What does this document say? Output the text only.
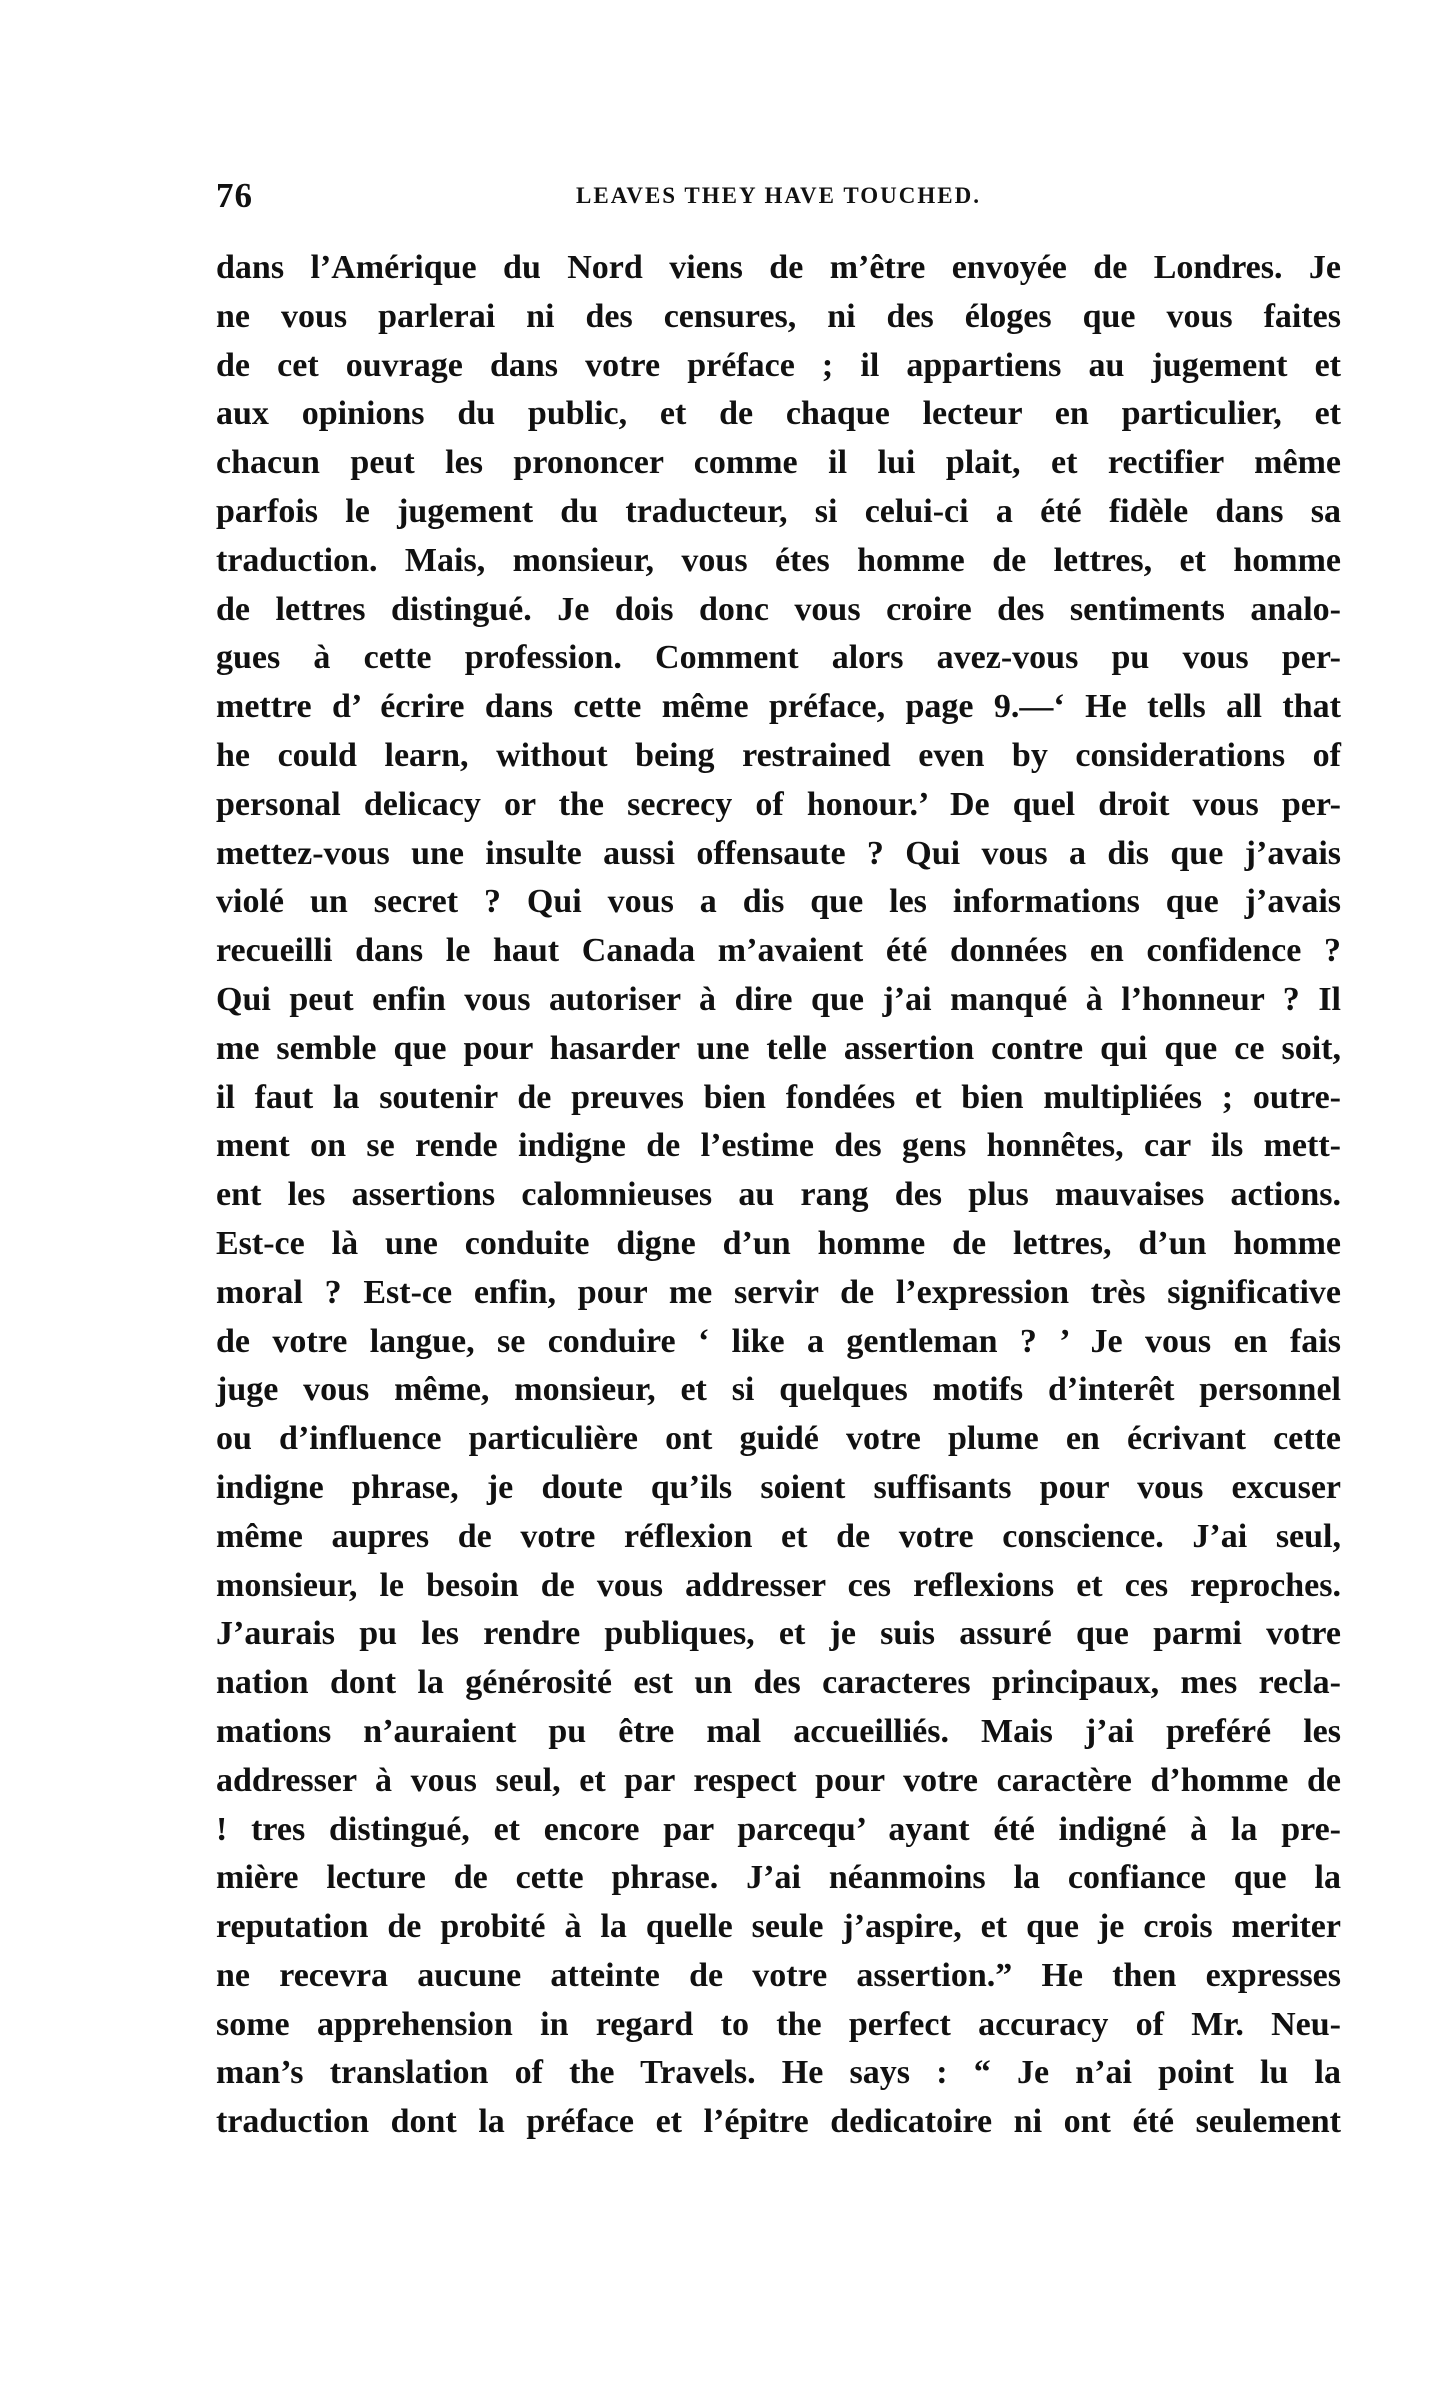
76	LEAVES THEY HAVE TOUCHED.
dans l’Amérique du Nord viens de m’être envoyée de Londres. Je
ne vous parlerai ni des censures, ni des éloges que vous faites
de cet ouvrage dans votre préface ; il appartiens au jugement et
aux opinions du public, et de chaque lecteur en particulier, et
chacun peut les prononcer comme il lui plait, et rectifier même
parfois le jugement du traducteur, si celui-ci a été fidèle dans sa
traduction. Mais, monsieur, vous étes homme de lettres, et homme
de lettres distingué. Je dois donc vous croire des sentiments analo-
gues à cette profession. Comment alors avez-vous pu vous per-
mettre d’ écrire dans cette même préface, page 9.—‘ He tells all that
he could learn, without being restrained even by considerations of
personal delicacy or the secrecy of honour.’ De quel droit vous per-
mettez-vous une insulte aussi offensaute ? Qui vous a dis que j’avais
violé un secret ? Qui vous a dis que les informations que j’avais
recueilli dans le haut Canada m’avaient été données en confidence ?
Qui peut enfin vous autoriser à dire que j’ai manqué à l’honneur ? Il
me semble que pour hasarder une telle assertion contre qui que ce soit,
il faut la soutenir de preuves bien fondées et bien multipliées ; outre-
ment on se rende indigne de l’estime des gens honnêtes, car ils mett-
ent les assertions calomnieuses au rang des plus mauvaises actions.
Est-ce là une conduite digne d’un homme de lettres, d’un homme
moral ? Est-ce enfin, pour me servir de l’expression très significative
de votre langue, se conduire ‘ like a gentleman ? ’ Je vous en fais
juge vous même, monsieur, et si quelques motifs d’interêt personnel
ou d’influence particulière ont guidé votre plume en écrivant cette
indigne phrase, je doute qu’ils soient suffisants pour vous excuser
même aupres de votre réflexion et de votre conscience. J’ai seul,
monsieur, le besoin de vous addresser ces reflexions et ces reproches.
J’aurais pu les rendre publiques, et je suis assuré que parmi votre
nation dont la générosité est un des caracteres principaux, mes recla-
mations n’auraient pu être mal accueilliés. Mais j’ai preféré les
addresser à vous seul, et par respect pour votre caractère d’homme de
! tres distingué, et encore par parcequ’ ayant été indigné à la pre-
mière lecture de cette phrase. J’ai néanmoins la confiance que la
reputation de probité à la quelle seule j’aspire, et que je crois meriter
ne recevra aucune atteinte de votre assertion.” He then expresses
some apprehension in regard to the perfect accuracy of Mr. Neu-
man’s translation of the Travels. He says : “ Je n’ai point lu la
traduction dont la préface et l’épitre dedicatoire ni ont été seulement
